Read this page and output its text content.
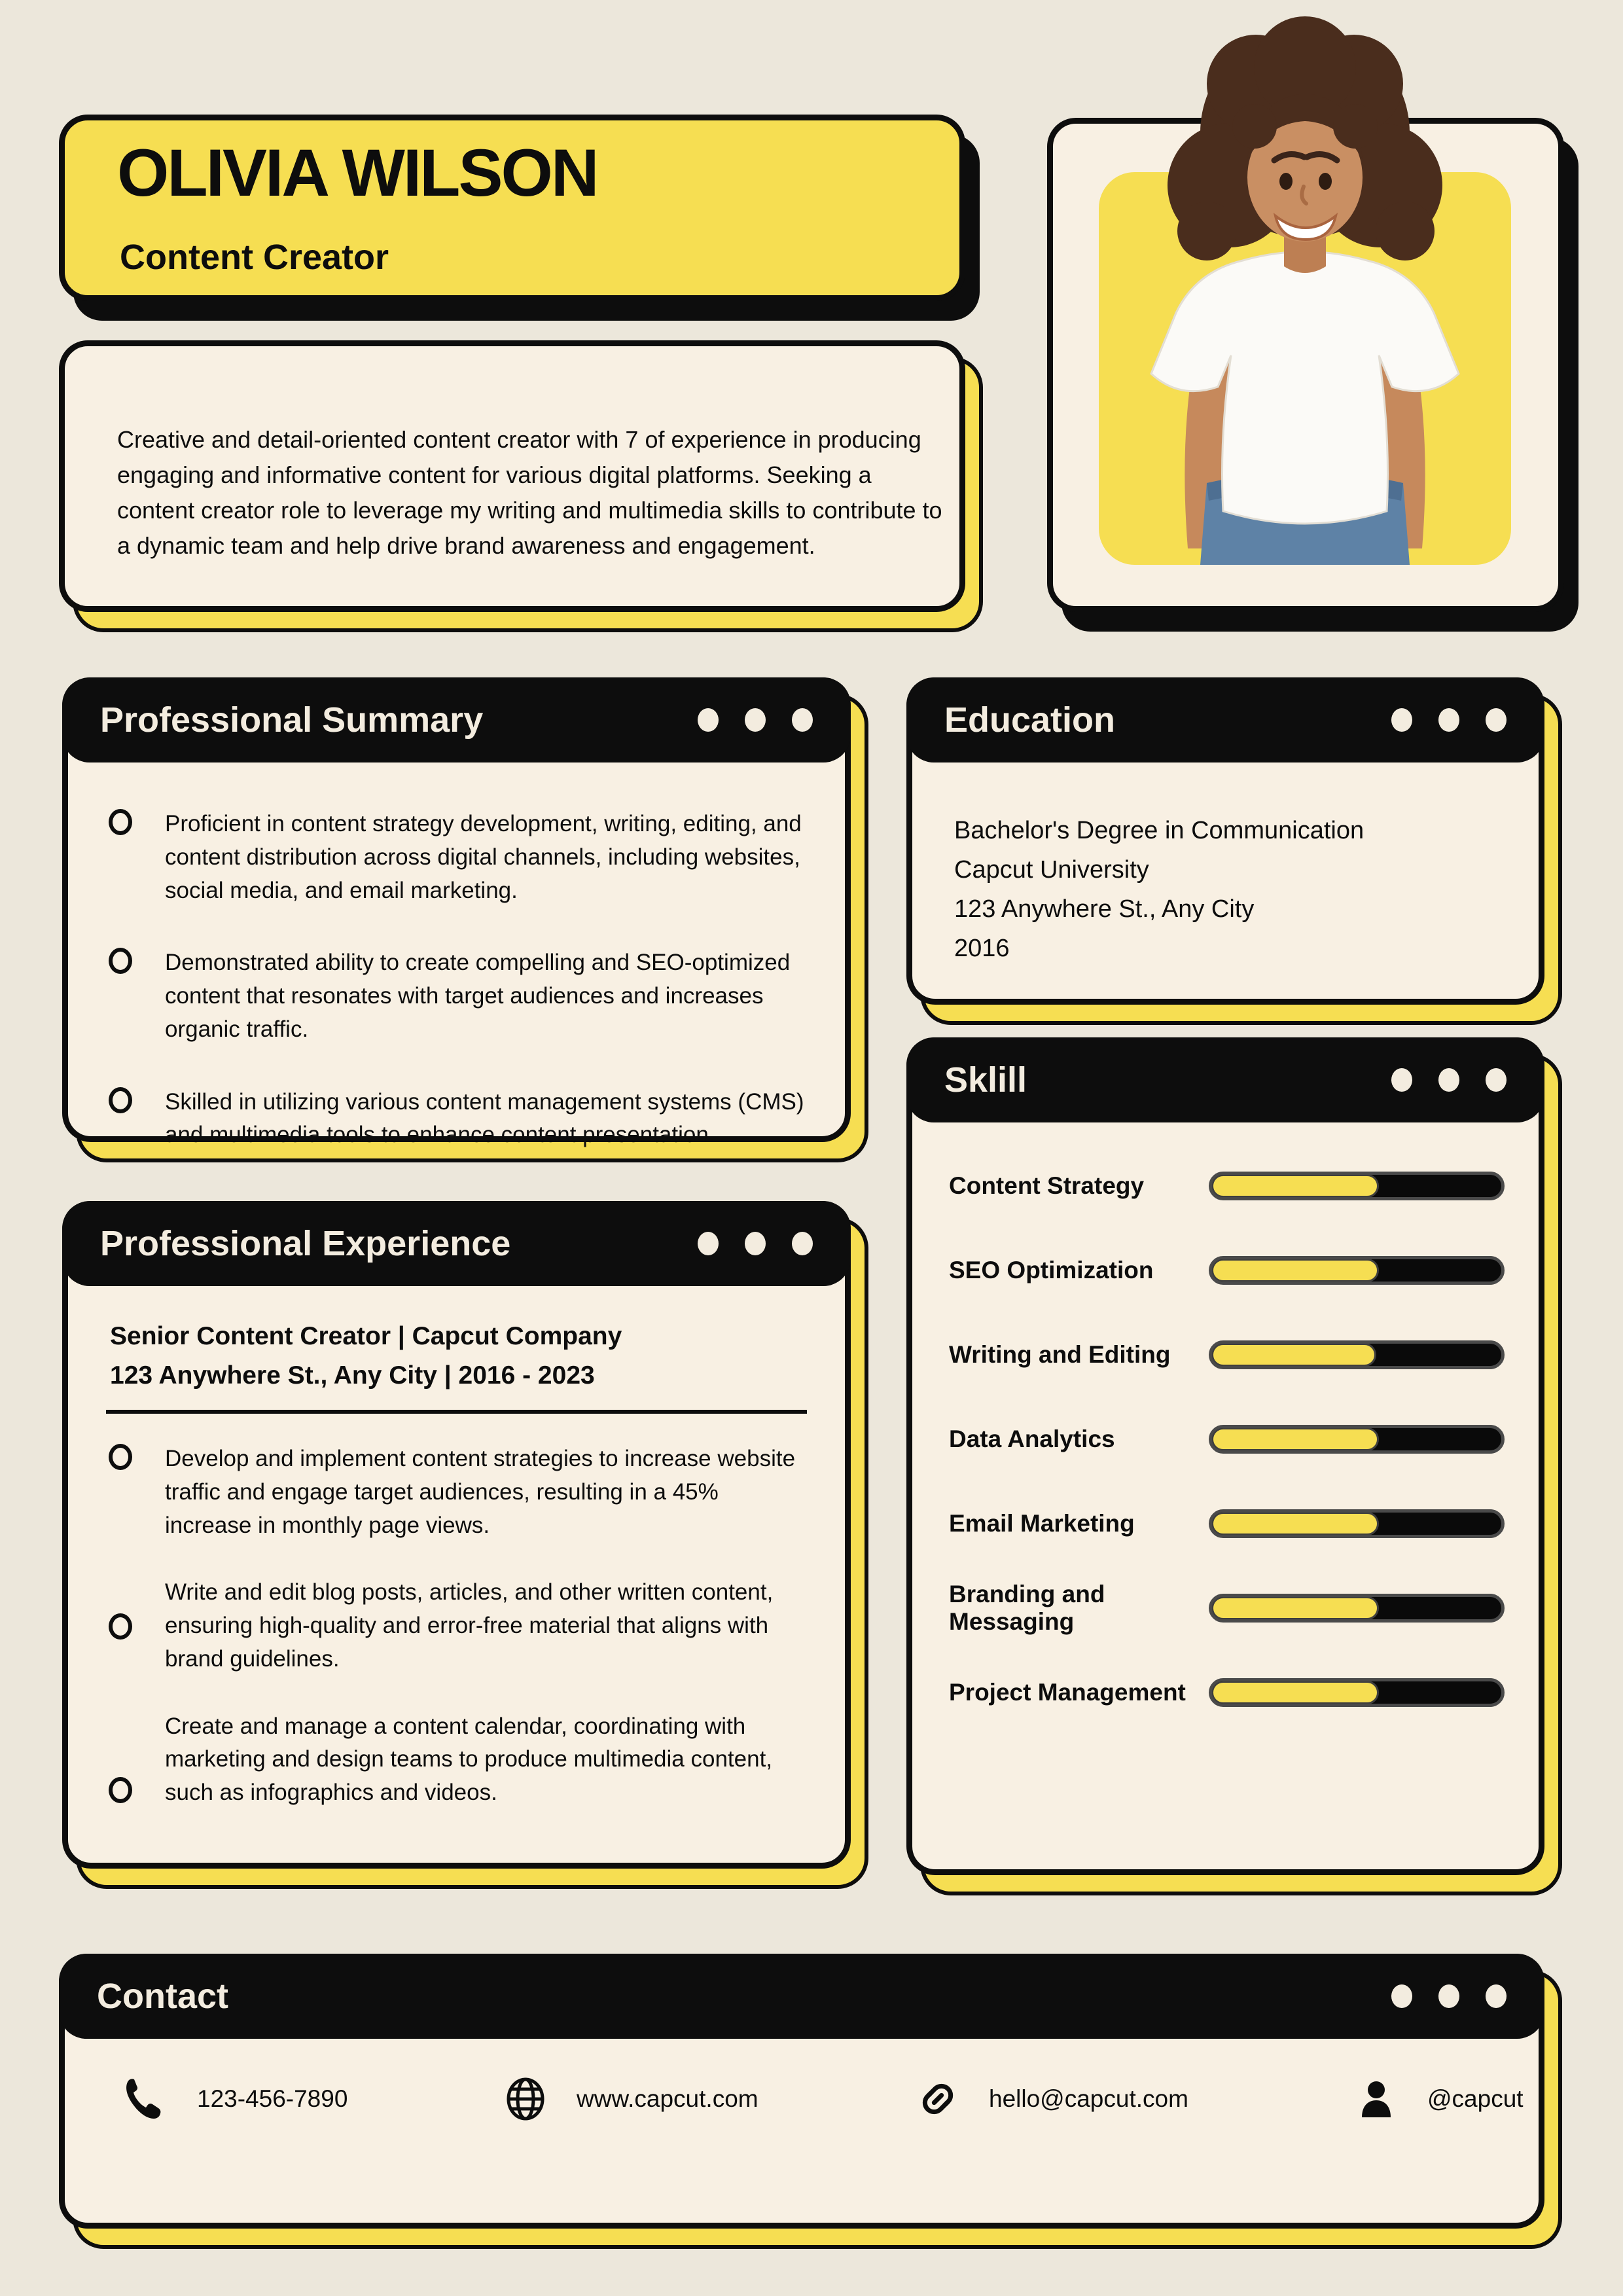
OLIVIA WILSON
Content Creator
Creative and detail-oriented content creator with 7 of experience in producing engaging and informative content for various digital platforms. Seeking a content creator role to leverage my writing and multimedia skills to contribute to a dynamic team and help drive brand awareness and engagement.
Professional Summary
Proficient in content strategy development, writing, editing, and content distribution across digital channels, including websites, social media, and email marketing.
Demonstrated ability to create compelling and SEO-optimized content that resonates with target audiences and increases organic traffic.
Skilled in utilizing various content management systems (CMS) and multimedia tools to enhance content presentation.
Education
Bachelor's Degree in Communication
Capcut University
123 Anywhere St., Any City
2016
Sklill
Content Strategy
SEO Optimization
Writing and Editing
Data Analytics
Email Marketing
Branding and Messaging
Project Management
Professional Experience
Senior Content Creator | Capcut Company
123 Anywhere St., Any City | 2016 - 2023
Develop and implement content strategies to increase website traffic and engage target audiences, resulting in a 45% increase in monthly page views.
Write and edit blog posts, articles, and other written content, ensuring high-quality and error-free material that aligns with brand guidelines.
Create and manage a content calendar, coordinating with marketing and design teams to produce multimedia content, such as infographics and videos.
Contact
123-456-7890	www.capcut.com	hello@capcut.com	@capcut
